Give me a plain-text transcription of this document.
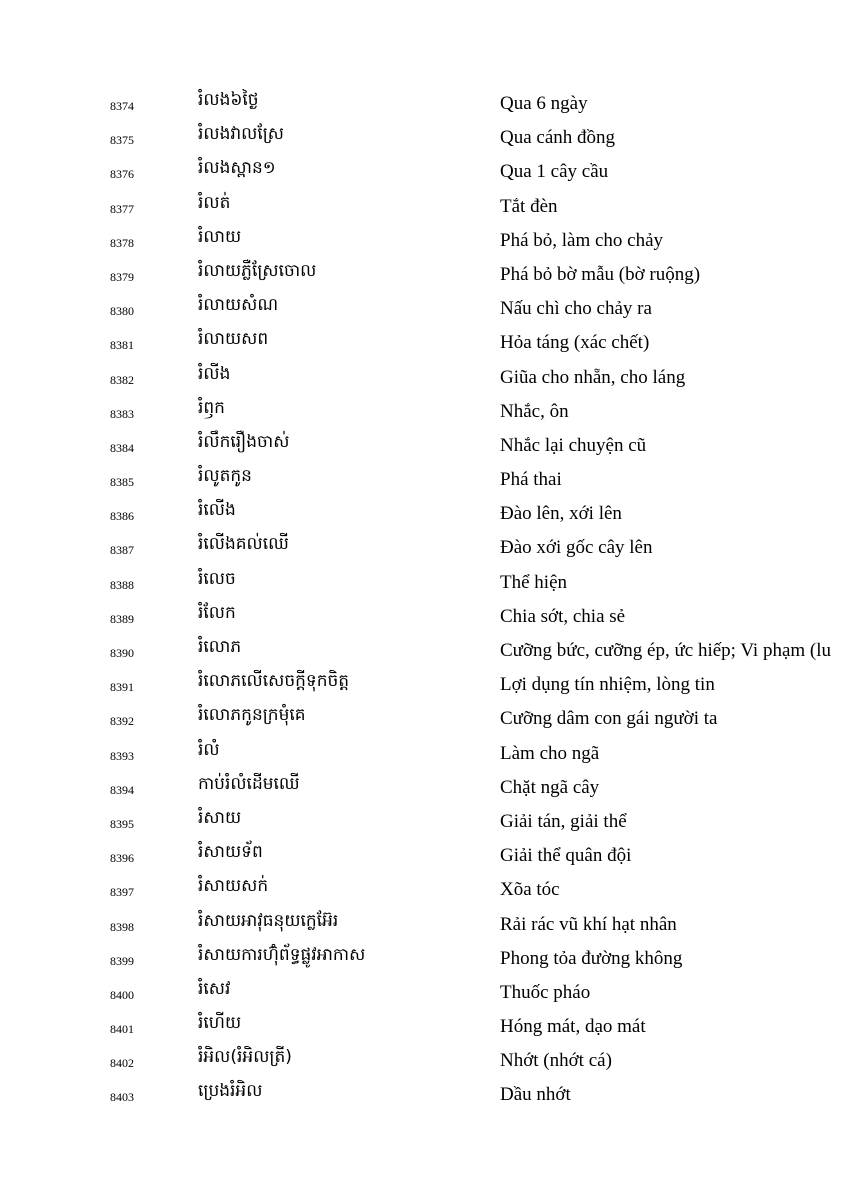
8374	រំលង៦ថ្ងៃ	Qua 6 ngày
8375	រំលងវាលស្រែ	Qua cánh đồng
8376	រំលងស្ពាន១	Qua 1 cây cầu
8377	រំលត់	Tắt đèn
8378	រំលាយ	Phá bỏ, làm cho chảy
8379	រំលាយភ្លឺស្រែចោល	Phá bỏ bờ mẫu (bờ ruộng)
8380	រំលាយសំណ	Nấu chì cho chảy ra
8381	រំលាយសព	Hỏa táng (xác chết)
8382	រំលីង	Giũa cho nhẵn, cho láng
8383	រំឭក	Nhắc, ôn
8384	រំលឹករឿងចាស់	Nhắc lại chuyện cũ
8385	រំលូតកូន	Phá thai
8386	រំលើង	Đào lên, xới lên
8387	រំលើងគល់ឈើ	Đào xới gốc cây lên
8388	រំលេច	Thể hiện
8389	រំលែក	Chia sớt, chia sẻ
8390	រំលោភ	Cưỡng bức, cưỡng ép, ức hiếp; Vi phạm (lu
8391	រំលោភលើសេចក្តីទុកចិត្ត	Lợi dụng tín nhiệm, lòng tin
8392	រំលោភកូនក្រមុំគេ	Cưỡng dâm con gái người ta
8393	រំលំ	Làm cho ngã
8394	កាប់រំលំដើមឈើ	Chặt ngã cây
8395	រំសាយ	Giải tán, giải thể
8396	រំសាយទ័ព	Giải thể quân đội
8397	រំសាយសក់	Xõa tóc
8398	រំសាយអាវុធនុយក្លេអ៊ែរ	Rải rác vũ khí hạt nhân
8399	រំសាយការហ៊ុំព័ទ្ធផ្លូវអាកាស	Phong tỏa đường không
8400	រំសេវ	Thuốc pháo
8401	រំហើយ	Hóng mát, dạo mát
8402	រំអិល(រំអិលត្រី)	Nhớt (nhớt cá)
8403	ប្រេងរំអិល	Dầu nhớt
